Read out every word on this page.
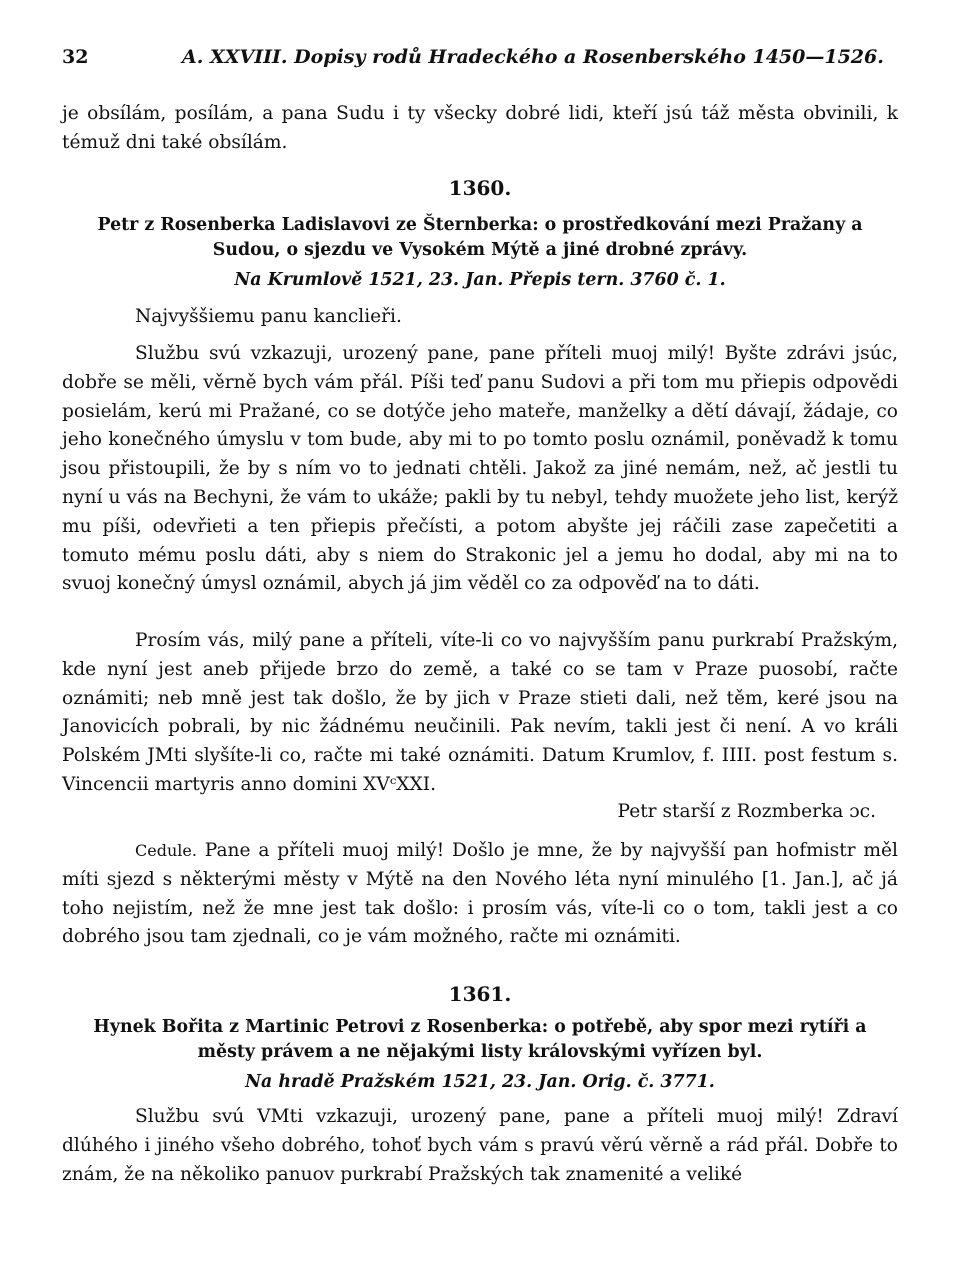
32	A. XXVIII. Dopisy rodů Hradeckého a Rosenberského 1450—1526.

je obsílám, posílám, a pana Sudu i ty všecky dobré lidi, kteří jsú táž města obvinili, k témuž dni také obsílám.

1360.

Petr z Rosenberka Ladislavovi ze Šternberka: o prostředkování mezi Pražany a Sudou, o sjezdu ve Vysokém Mýtě a jiné drobné zprávy.

Na Krumlově 1521, 23. Jan. Přepis tern. 3760 č. 1.

Najvyššiemu panu kanclieři.

Službu svú vzkazuji, urozený pane, pane příteli muoj milý! Byšte zdrávi jsúc, dobře se měli, věrně bych vám přál. Píši teď panu Sudovi a při tom mu přiepis odpovědi posielám, kerú mi Pražané, co se dotýče jeho mateře, manželky a dětí dávají, žádaje, co jeho konečného úmyslu v tom bude, aby mi to po tomto poslu oznámil, poněvadž k tomu jsou přistoupili, že by s ním vo to jednati chtěli. Jakož za jiné nemám, než, ač jestli tu nyní u vás na Bechyni, že vám to ukáže; pakli by tu nebyl, tehdy muožete jeho list, kerýž mu píši, odevřieti a ten přiepis přečísti, a potom abyšte jej ráčili zase zapečetiti a tomuto mému poslu dáti, aby s niem do Strakonic jel a jemu ho dodal, aby mi na to svuoj konečný úmysl oznámil, abych já jim věděl co za odpověď na to dáti.

Prosím vás, milý pane a příteli, víte-li co vo najvyšším panu purkrabí Pražským, kde nyní jest aneb přijede brzo do země, a také co se tam v Praze puosobí, račte oznámiti; neb mně jest tak došlo, že by jich v Praze stieti dali, než těm, keré jsou na Janovicích pobrali, by nic žádnému neučinili. Pak nevím, takli jest či není. A vo králi Polském JMti slyšíte-li co, račte mi také oznámiti. Datum Krumlov, f. IIII. post festum s. Vincencii martyris anno domini XVᶜXXI.

Petr starší z Rozmberka ɔc.

Cedule. Pane a příteli muoj milý! Došlo je mne, že by najvyšší pan hofmistr měl míti sjezd s některými městy v Mýtě na den Nového léta nyní minulého [1. Jan.], ač já toho nejistím, než že mne jest tak došlo: i prosím vás, víte-li co o tom, takli jest a co dobrého jsou tam zjednali, co je vám možného, račte mi oznámiti.

1361.

Hynek Bořita z Martinic Petrovi z Rosenberka: o potřebě, aby spor mezi rytíři a městy právem a ne nějakými listy královskými vyřízen byl.

Na hradě Pražském 1521, 23. Jan. Orig. č. 3771.

Službu svú VMti vzkazuji, urozený pane, pane a příteli muoj milý! Zdraví dlúhého i jiného všeho dobrého, tohoť bych vám s pravú věrú věrně a rád přál. Dobře to znám, že na několiko panuov purkrabí Pražských tak znamenité a veliké
